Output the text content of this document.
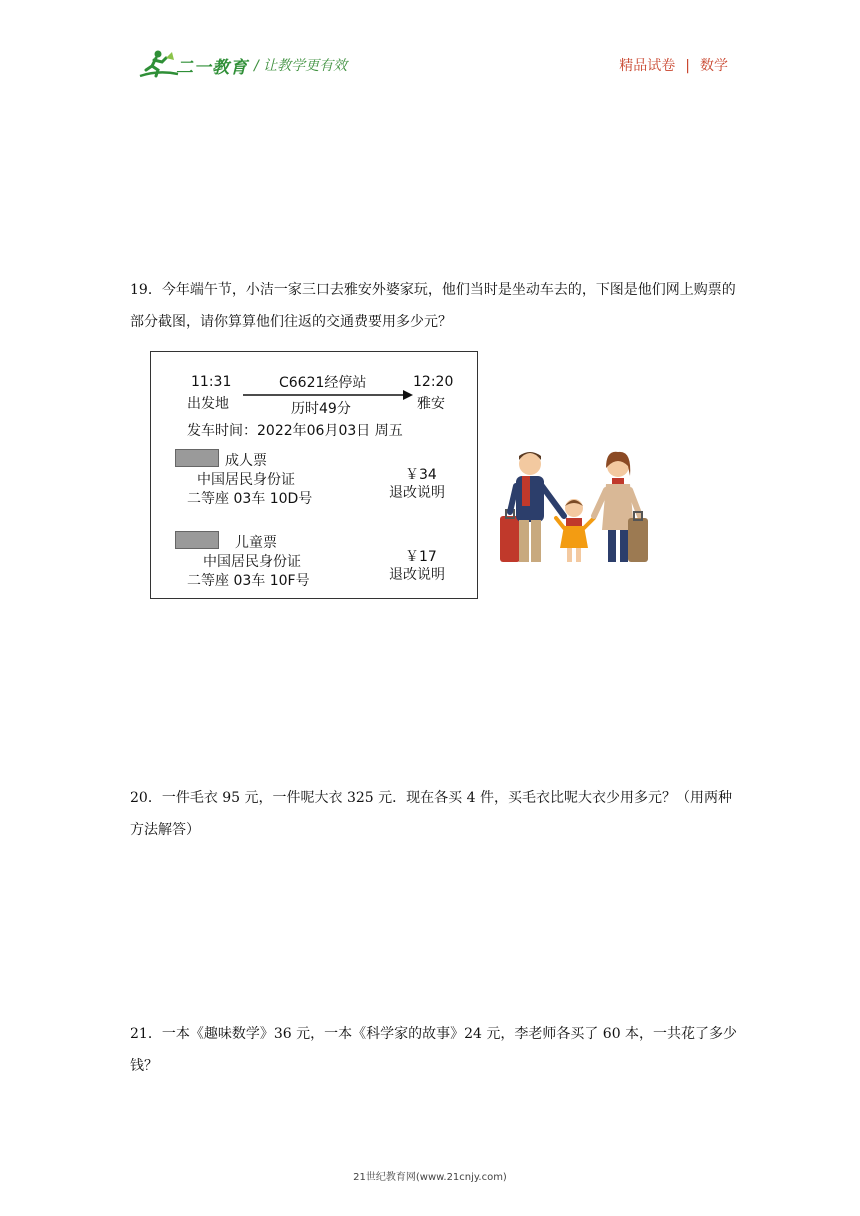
二一教育 / 让教学更有效	精品试卷 | 数学
19．今年端午节，小洁一家三口去雅安外婆家玩，他们当时是坐动车去的，下图是他们网上购票的部分截图，请你算算他们往返的交通费要用多少元？
11:31
出发地
C6621经停站
历时49分
12:20
雅安
发车时间：2022年06月03日 周五
成人票
中国居民身份证
二等座 03车 10D号
￥34
退改说明
儿童票
中国居民身份证
二等座 03车 10F号
￥17
退改说明
20．一件毛衣 95 元，一件呢大衣 325 元．现在各买 4 件，买毛衣比呢大衣少用多元？（用两种方法解答）
21．一本《趣味数学》36 元，一本《科学家的故事》24 元，李老师各买了 60 本，一共花了多少钱？
21世纪教育网(www.21cnjy.com)
